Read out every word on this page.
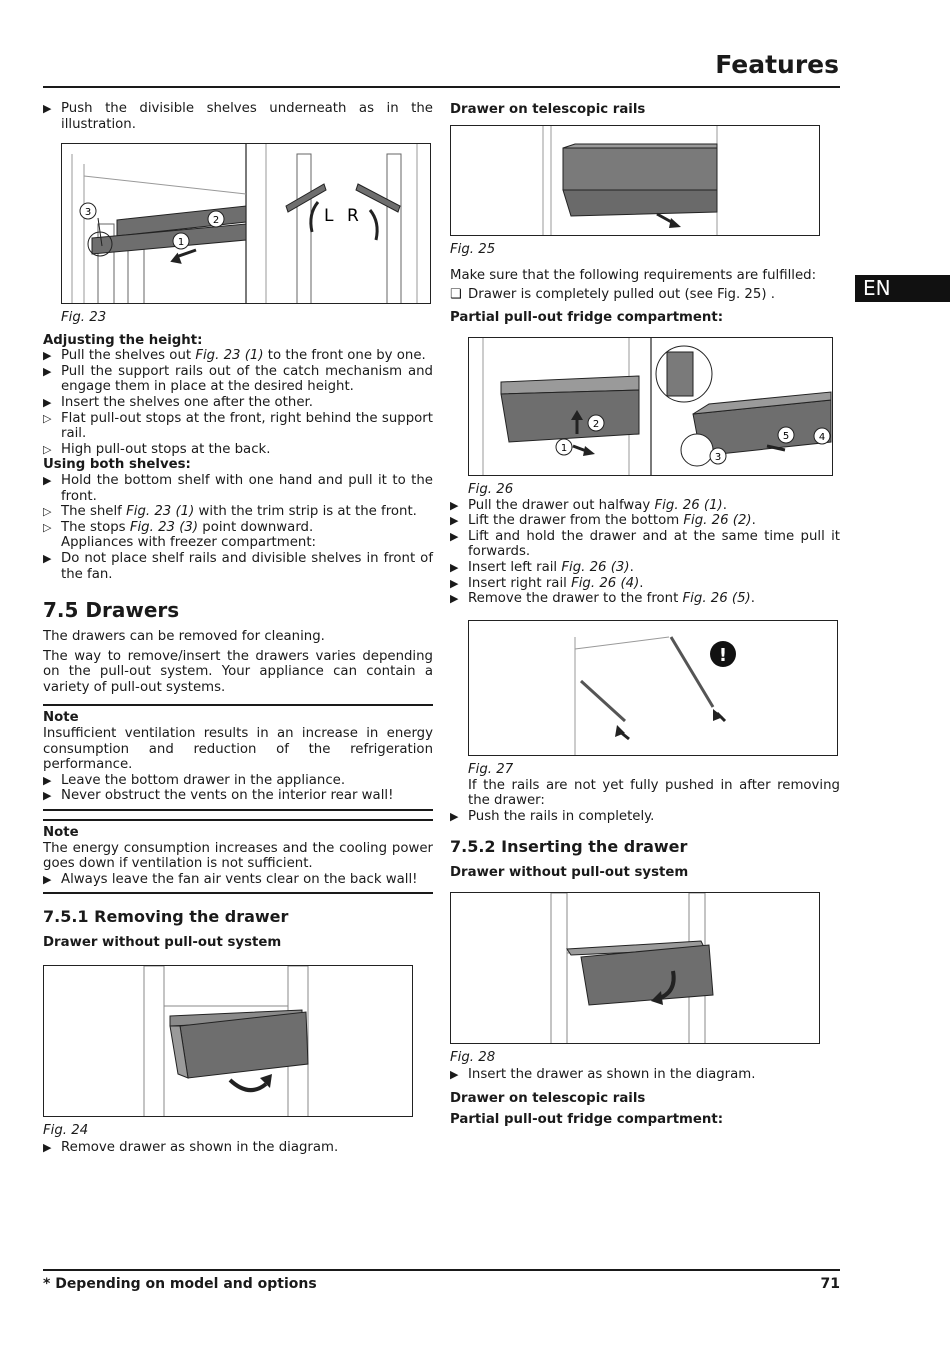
Features
EN
▶ Push the divisible shelves underneath as in the illustration.
3
2
1
L R

Fig. 23

Adjusting the height:

▶ Pull the shelves out Fig. 23 (1) to the front one by one.
▶ Pull the support rails out of the catch mechanism and engage them in place at the desired height.
▶ Insert the shelves one after the other.
▷ Flat pull-out stops at the front, right behind the support rail.
▷ High pull-out stops at the back.

Using both shelves:

▶ Hold the bottom shelf with one hand and pull it to the front.
▷ The shelf Fig. 23 (1) with the trim strip is at the front.
▷ The stops Fig. 23 (3) point downward.

Appliances with freezer compartment:

▶ Do not place shelf rails and divisible shelves in front of the fan.

7.5 Drawers

The drawers can be removed for cleaning.

The way to remove/insert the drawers varies depending on the pull-out system. Your appliance can contain a variety of pull-out systems.

Note

Insufficient ventilation results in an increase in energy consumption and reduction of the refrigeration performance.

▶ Leave the bottom drawer in the appliance.
▶ Never obstruct the vents on the interior rear wall!

Note

The energy consumption increases and the cooling power goes down if ventilation is not sufficient.

▶ Always leave the fan air vents clear on the back wall!

7.5.1 Removing the drawer

Drawer without pull-out system

Fig. 24

▶ Remove drawer as shown in the diagram.

Drawer on telescopic rails

Fig. 25

Make sure that the following requirements are fulfilled:

❑ Drawer is completely pulled out (see Fig. 25) .

Partial pull-out fridge compartment:

2
1
5	4
3

Fig. 26

▶ Pull the drawer out halfway Fig. 26 (1).
▶ Lift the drawer from the bottom Fig. 26 (2).
▶ Lift and hold the drawer and at the same time pull it forwards.
▶ Insert left rail Fig. 26 (3).
▶ Insert right rail Fig. 26 (4).
▶ Remove the drawer to the front Fig. 26 (5).
!

Fig. 27

If the rails are not yet fully pushed in after removing the drawer:

▶ Push the rails in completely.

7.5.2 Inserting the drawer

Drawer without pull-out system

Fig. 28

▶ Insert the drawer as shown in the diagram.

Drawer on telescopic rails

Partial pull-out fridge compartment:

* Depending on model and options	71
